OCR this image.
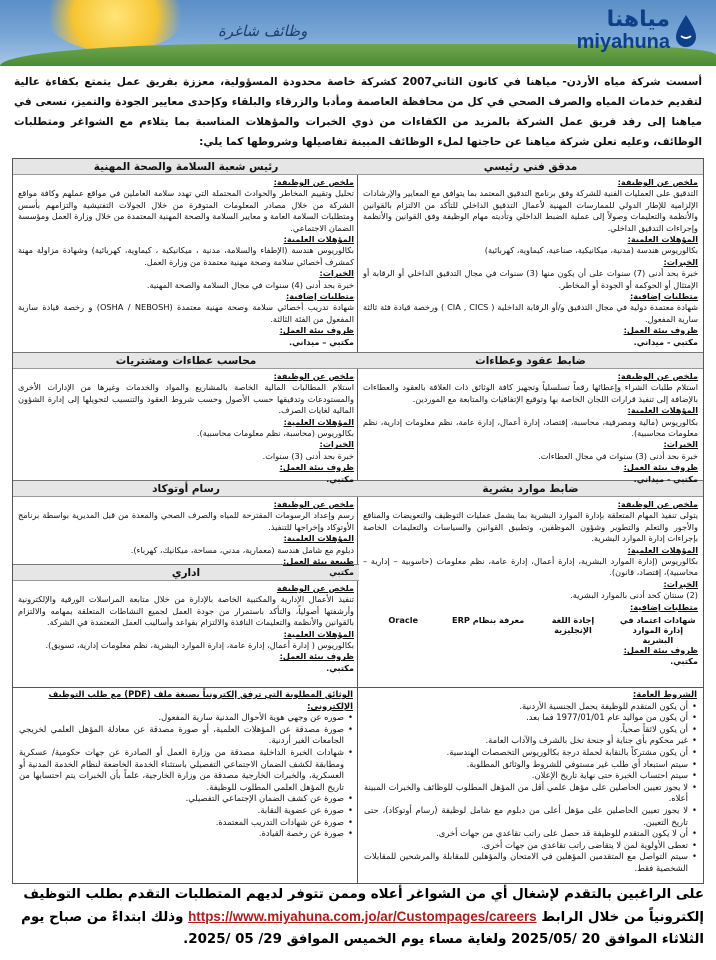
وظائف شاغرة	مياهنا
miyahuna
أسست شركة مياه الأردن- مياهنا في كانون الثاني2007 كشركة خاصة محدودة المسؤولية، معززة بفريق عمل يتمتع بكفاءة عالية لتقديم خدمات المياه والصرف الصحي في كل من محافظة العاصمة ومأدبا والزرقاء والبلقاء وكإحدى معايير الجودة والتميز، نسعى في مياهنا إلى رفد فريق عمل الشركة بالمزيد من الكفاءات من ذوي الخبرات والمؤهلات المناسبة بما يتلاءم مع الشواغر ومتطلبات الوظائف، وعليه تعلن شركة مياهنا عن حاجتها لملء الوظائف المبينة تفاصيلها وشروطها كما يلي:
مدقق فني رئيسي
ملخص عن الوظيفة:
التدقيق على العمليات الفنية للشركة وفق برنامج التدقيق المعتمد بما يتوافق مع المعايير والإرشادات الإلزامية للإطار الدولي للممارسات المهنية لأعمال التدقيق الداخلي للتأكد من الالتزام بالقوانين والأنظمة والتعليمات وصولاً إلى عملية الضبط الداخلي وتأديته مهام الوظيفة وفق القوانين والأنظمة وإجراءات التدقيق الداخلي.
المؤهلات العلمية:
بكالوريوس هندسة (مدنية، ميكانيكية، صناعية، كيماوية، كهربائية)
الخبرات:
خبرة بحد أدنى (7) سنوات على أن يكون منها (3) سنوات في مجال التدقيق الداخلي أو الرقابة أو الإمتثال أو الحوكمة أو الجودة أو المخاطر.
متطلبات إضافية:
شهادة معتمدة دولية في مجال التدقيق و/أو الرقابة الداخلية ( CIA , CICS ) ورخصة قيادة فئة ثالثة سارية المفعول.
ظروف بيئة العمل:
مكتبي - ميداني.
ضابط عقود وعطاءات
ملخص عن الوظيفة:
استلام طلبات الشراء وإعطائها رقماً تسلسلياً وتجهيز كافة الوثائق ذات العلاقة بالعقود والعطاءات بالإضافة إلى تنفيذ قرارات اللجان الخاصة بها وتوقيع الإتفاقيات والمتابعة مع الموردين.
المؤهلات العلمية:
بكالوريوس (مالية ومصرفية، محاسبة، إقتصاد، إدارة أعمال، إدارة عامة، نظم معلومات إدارية، نظم معلومات محاسبية).
الخبرات:
خبرة بحد أدنى (3) سنوات في مجال العطاءات.
ظروف بيئة العمل:
مكتبي - ميداني.
ضابط موارد بشرية
ملخص عن الوظيفة:
يتولى تنفيذ المهام المتعلقة بإدارة الموارد البشرية بما يشمل عمليات التوظيف والتعويضات والمنافع والأجور والتعلم والتطوير وشؤون الموظفين، وتطبيق القوانين والسياسات والتعليمات الخاصة بإجراءات إدارة الموارد البشرية.
المؤهلات العلمية:
بكالوريوس (إدارة الموارد البشرية، إدارة أعمال، إدارة عامة، نظم معلومات (حاسوبية – إدارية – محاسبية)، إقتصاد، قانون).
الخبرات:
(2) سنتان كحد أدنى بالموارد البشرية.
متطلبات إضافية:
شهادات اعتماد في إدارة الموارد البشرية
إجادة اللغة الإنجليزية
معرفة بنظام ERP
Oracle
ظروف بيئة العمل:
مكتبي.
رئيس شعبة السلامة والصحة المهنية
ملخص عن الوظيفة:
تحليل وتقييم المخاطر والحوادث المحتملة التي تهدد سلامة العاملين في مواقع عملهم وكافة مواقع الشركة من خلال مصادر المعلومات المتوفرة من خلال الجولات التفتيشية والتزامهم بأسس ومتطلبات السلامة العامة و معايير السلامة والصحة المهنية المعتمدة من خلال وزارة العمل ومؤسسة الضمان الاجتماعي.
المؤهلات العلمية:
بكالوريوس هندسة (الإطفاء والسلامة، مدنية ، ميكانيكية ، كيماوية، كهربائية) وشهادة مزاولة مهنة كمشرف أخصائي سلامة وصحة مهنية معتمدة من وزارة العمل.
الخبرات:
خبرة بحد أدنى (4) سنوات في مجال السلامة والصحة المهنية.
متطلبات إضافية:
شهادة تدريب أخصائي سلامة وصحة مهنية معتمدة (OSHA / NEBOSH) و رخصة قيادة سارية المفعول من الفئة الثالثة.
ظروف بيئة العمل:
مكتبي – ميداني.
محاسب عطاءات ومشتريات
ملخص عن الوظيفة:
استلام المطالبات المالية الخاصة بالمشاريع والمواد والخدمات وغيرها من الإدارات الأخرى والمستودعات وتدقيقها حسب الأصول وحسب شروط العقود والتنسيب لتحويلها إلى إدارة الشؤون المالية لغايات الصرف.
المؤهلات العلمية:
بكالوريوس (محاسبة، نظم معلومات محاسبية).
الخبرات:
خبرة بحد أدنى (3) سنوات.
ظروف بيئة العمل:
مكتبي.
رسام أوتوكاد
ملخص عن الوظيفة:
رسم وإعداد الرسومات المقترحة للمياه والصرف الصحي والمعدة من قبل المديرية بواسطة برنامج الأوتوكاد وإخراجها للتنفيذ.
المؤهلات العلمية:
دبلوم مع شامل هندسة (معمارية، مدني، مساحة، ميكانيك، كهرباء).
طبيعة بيئة العمل:
مكتبي
اداري
ملخص عن الوظيفة
تنفيذ الأعمال الإدارية والمكتبية الخاصة بالإدارة من خلال متابعة المراسلات الورقية والإلكترونية وأرشفتها أصولياً، والتأكد باستمرار من جودة العمل لجميع النشاطات المتعلقة بمهامه والالتزام بالقوانين والأنظمة والتعليمات النافذة والالتزام بقواعد وأساليب العمل المعتمدة في الشركة.
المؤهلات العلمية:
بكالوريوس ( إدارة أعمال، إدارة عامة، إدارة الموارد البشرية، نظم معلومات إدارية، تسويق).
ظروف بيئة العمل:
مكتبي.
الشروط العامة:
• أن يكون المتقدم للوظيفة يحمل الجنسية الأردنية.
• أن يكون من مواليد عام 1977/01/01 فما بعد.
• أن يكون لائقاً صحياً.
• غير محكوم بأي جناية أو جنحة تخل بالشرف والآداب العامة.
• أن يكون مشتركاً بالنقابة لحملة درجة بكالوريوس التخصصات الهندسية.
• سيتم استبعاد أي طلب غير مستوفي للشروط والوثائق المطلوبة.
• سيتم احتساب الخبرة حتى نهاية تاريخ الإعلان.
• لا يجوز تعيين الحاصلين على مؤهل علمي أقل من المؤهل المطلوب للوظائف والخبرات المبينة أعلاه.
• لا يجوز تعيين الحاصلين على مؤهل أعلى من دبلوم مع شامل لوظيفة (رسام أوتوكاد)، حتى تاريخ التعيين.
• أن لا يكون المتقدم للوظيفة قد حصل على راتب تقاعدي من جهات أخرى.
• تعطى الأولوية لمن لا يتقاضى راتب تقاعدي من جهات أخرى.
• سيتم التواصل مع المتقدمين المؤهلين في الامتحان والمؤهلين للمقابلة والمرشحين للمقابلات الشخصية فقط.
الوثائق المطلوبة التي ترفق إلكترونياً بصيغة ملف (PDF) مع طلب التوظيف الإلكتروني:
• صوره عن وجهي هوية الأحوال المدنية سارية المفعول.
• صورة مصدقة عن المؤهلات العلمية، أو صورة مصدقة عن معادلة المؤهل العلمي لخريجي الجامعات الغير أردنية.
• شهادات الخبرة الداخلية مصدقة من وزارة العمل أو الصادرة عن جهات حكومية/ عسكرية ومطابقة لكشف الضمان الاجتماعي التفصيلي باستثناء الخدمة الخاضعة لنظام الخدمة المدنية أو العسكرية، والخبرات الخارجية مصدقة من وزارة الخارجية، علماً بأن الخبرات يتم احتسابها من تاريخ المؤهل العلمي المطلوب للوظيفة.
• صورة عن كشف الضمان الإجتماعي التفصيلي.
• صورة عن عضوية النقابة.
• صورة عن شهادات التدريب المعتمدة.
• صورة عن رخصة القيادة.
على الراغبين بالتقدم لإشغال أي من الشواغر أعلاه وممن تتوفر لديهم المتطلبات التقدم بطلب التوظيف إلكترونياً من خلال الرابط https://www.miyahuna.com.jo/ar/Custompages/careers وذلك ابتداءً من صباح يوم الثلاثاء الموافق 20 /2025/05 ولغاية مساء يوم الخميس الموافق 29/ 05 /2025.
